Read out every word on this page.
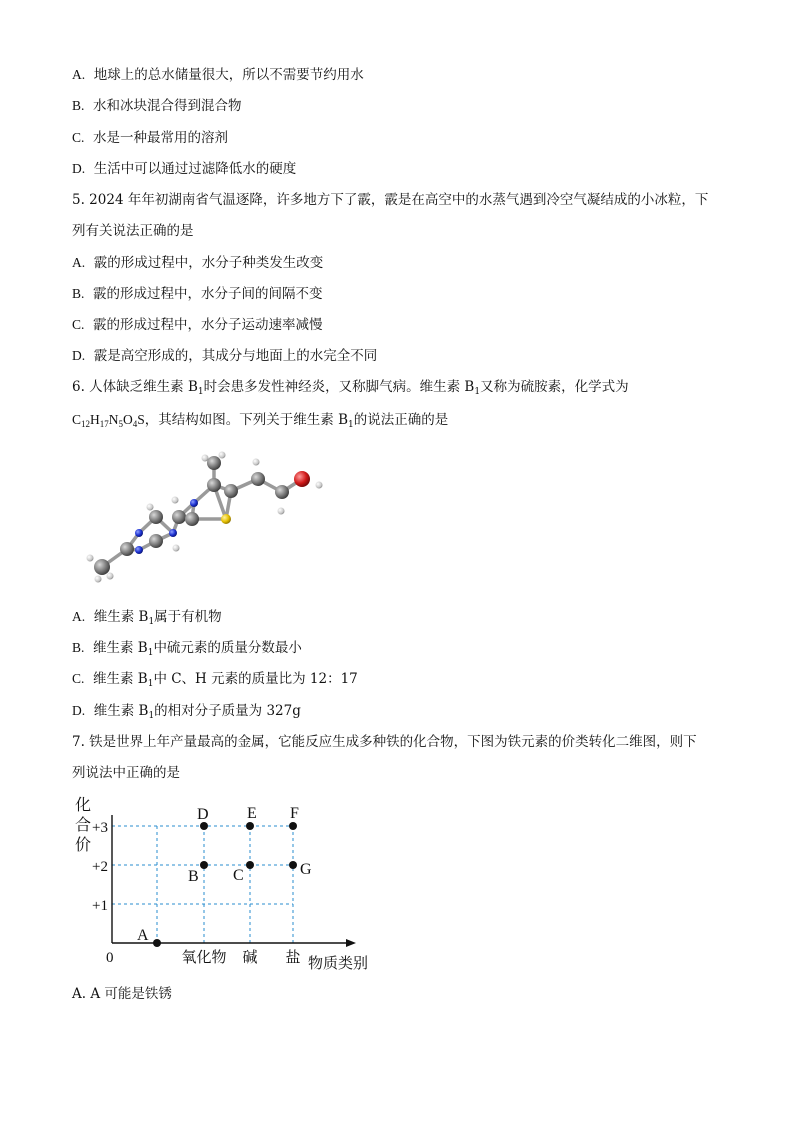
A. 地球上的总水储量很大，所以不需要节约用水
B. 水和冰块混合得到混合物
C. 水是一种最常用的溶剂
D. 生活中可以通过过滤降低水的硬度
5. 2024 年年初湖南省气温逐降，许多地方下了霰，霰是在高空中的水蒸气遇到冷空气凝结成的小冰粒，下
列有关说法正确的是
A. 霰的形成过程中，水分子种类发生改变
B. 霰的形成过程中，水分子间的间隔不变
C. 霰的形成过程中，水分子运动速率减慢
D. 霰是高空形成的，其成分与地面上的水完全不同
6. 人体缺乏维生素 $B_1$时会患多发性神经炎，又称脚气病。维生素 $B_1$又称为硫胺素，化学式为
$C_{12}H_{17}N_5O_4S$，其结构如图。下列关于维生素 $B_1$的说法正确的是
A. 维生素 $B_1$属于有机物
B. 维生素 $B_1$中硫元素的质量分数最小
C. 维生素 $B_1$中 C、H 元素的质量比为 12：17
D. 维生素 $B_1$的相对分子质量为 327g
7. 铁是世界上年产量最高的金属，它能反应生成多种铁的化合物，下图为铁元素的价类转化二维图，则下
列说法中正确的是
化
合
价
+1
+2
+3
0	氧化物 碱 盐 物质类别
A
B
D
C
E F
G
A. A 可能是铁锈
